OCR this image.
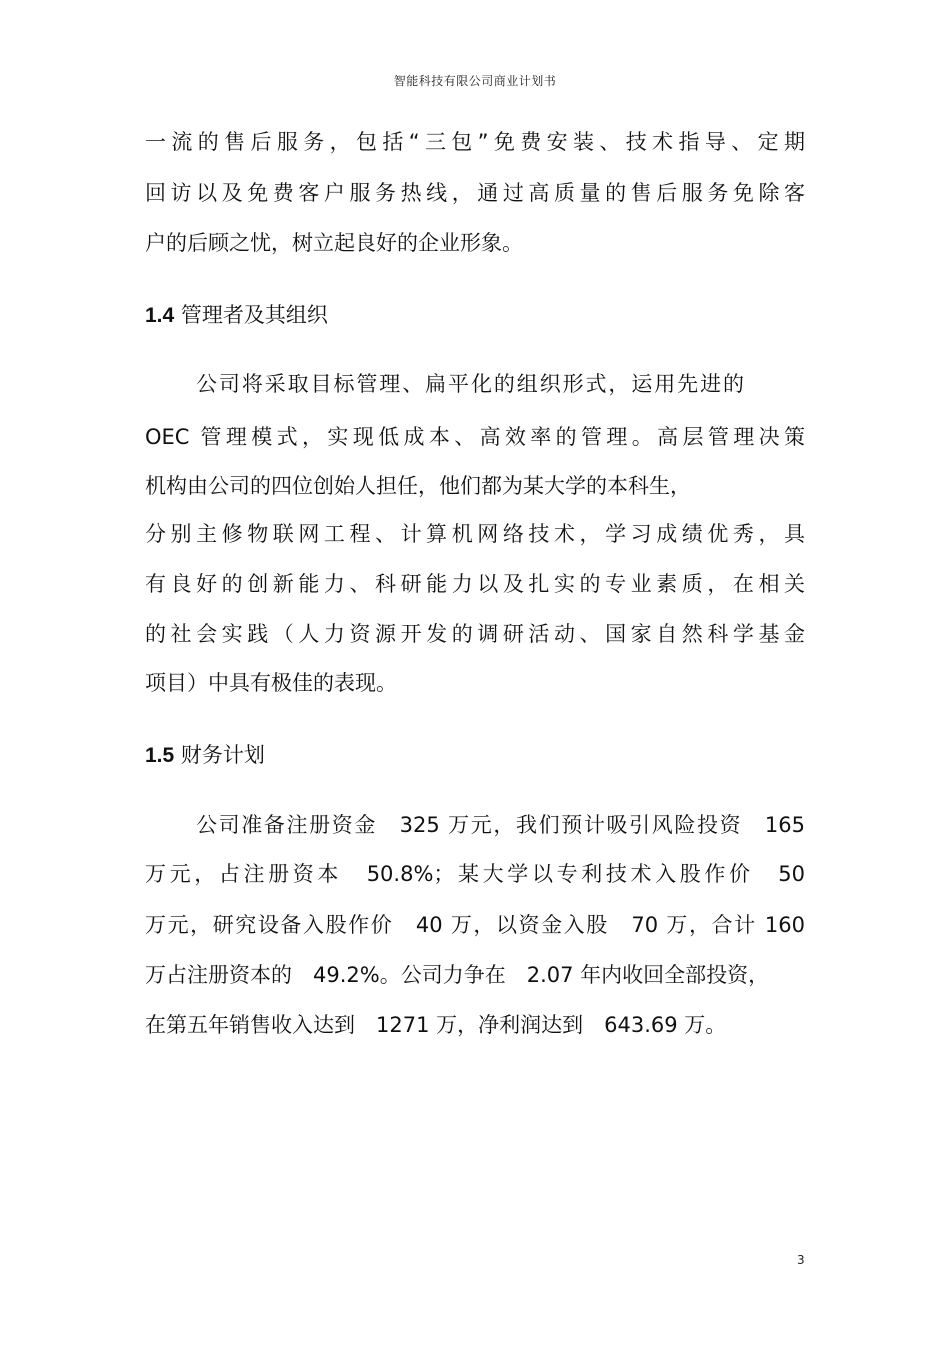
智能科技有限公司商业计划书
一流的售后服务，包括“三包”免费安装、技术指导、定期
回访以及免费客户服务热线，通过高质量的售后服务免除客
户的后顾之忧，树立起良好的企业形象。
1.4 管理者及其组织
公司将采取目标管理、扁平化的组织形式，运用先进的
OEC 管理模式，实现低成本、高效率的管理。高层管理决策
机构由公司的四位创始人担任，他们都为某大学的本科生，
分别主修物联网工程、计算机网络技术，学习成绩优秀，具
有良好的创新能力、科研能力以及扎实的专业素质，在相关
的社会实践（人力资源开发的调研活动、国家自然科学基金
项目）中具有极佳的表现。
1.5 财务计划
公司准备注册资金　325 万元，我们预计吸引风险投资　165
万元，占注册资本　50.8%；某大学以专利技术入股作价　50
万元，研究设备入股作价　40 万，以资金入股　70 万，合计 160
万占注册资本的　49.2%。公司力争在　2.07 年内收回全部投资，
在第五年销售收入达到　1271 万，净利润达到　643.69 万。
3
